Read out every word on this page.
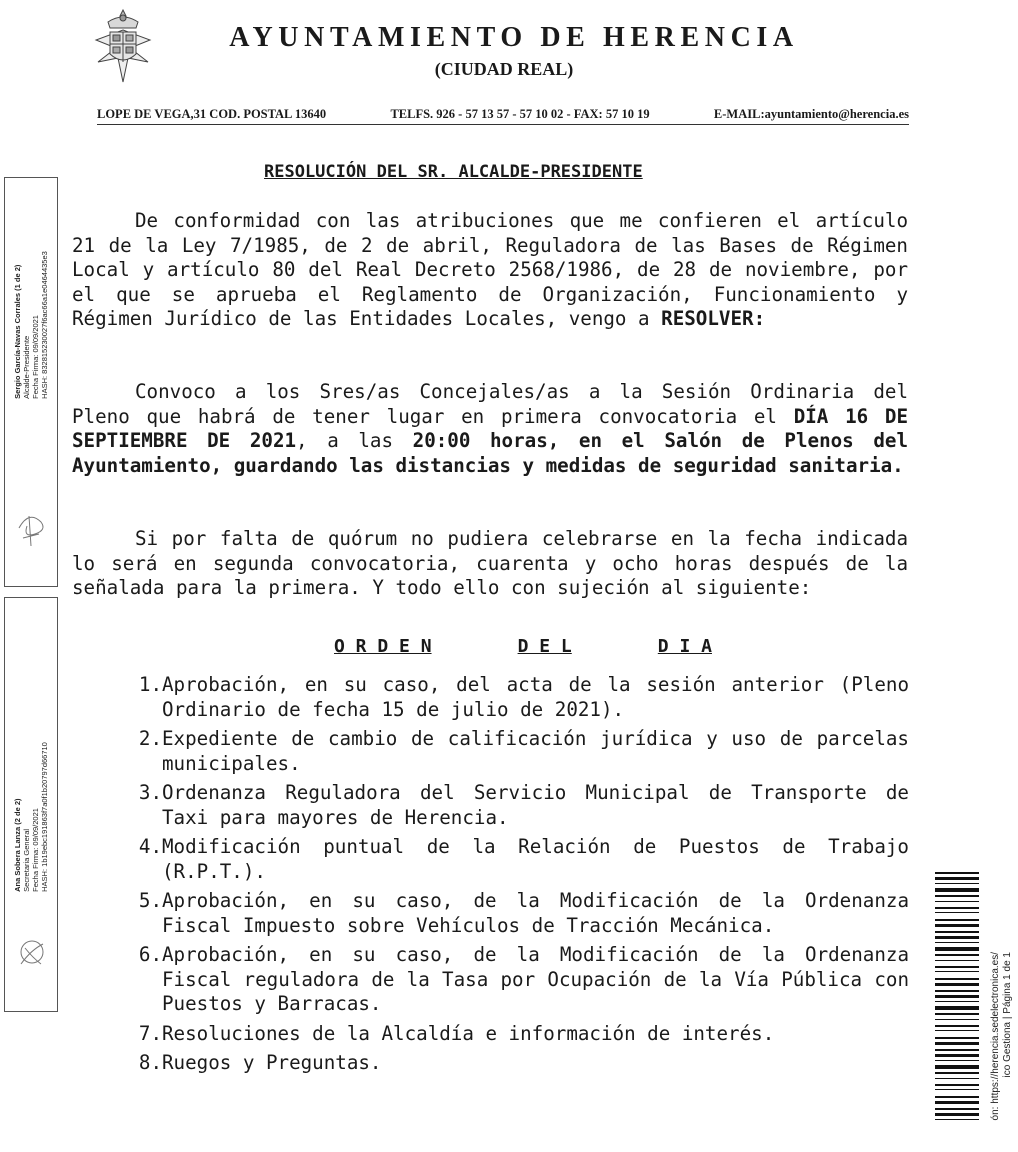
AYUNTAMIENTO DE HERENCIA
(CIUDAD REAL)
LOPE DE VEGA,31 COD. POSTAL 13640	TELFS. 926 - 57 13 57 - 57 10 02 - FAX: 57 10 19	E-MAIL:ayuntamiento@herencia.es
RESOLUCIÓN DEL SR. ALCALDE-PRESIDENTE

De conformidad con las atribuciones que me confieren el artículo 21 de la Ley 7/1985, de 2 de abril, Reguladora de las Bases de Régimen Local y artículo 80 del Real Decreto 2568/1986, de 28 de noviembre, por el que se aprueba el Reglamento de Organización, Funcionamiento y Régimen Jurídico de las Entidades Locales, vengo a RESOLVER:

Convoco a los Sres/as Concejales/as a la Sesión Ordinaria del Pleno que habrá de tener lugar en primera convocatoria el DÍA 16 DE SEPTIEMBRE DE 2021, a las 20:00 horas, en el Salón de Plenos del Ayuntamiento, guardando las distancias y medidas de seguridad sanitaria.

Si por falta de quórum no pudiera celebrarse en la fecha indicada lo será en segunda convocatoria, cuarenta y ocho horas después de la señalada para la primera. Y todo ello con sujeción al siguiente:

O R D E N	D E L	D I A
1. Aprobación, en su caso, del acta de la sesión anterior (Pleno Ordinario de fecha 15 de julio de 2021).
2. Expediente de cambio de calificación jurídica y uso de parcelas municipales.
3. Ordenanza Reguladora del Servicio Municipal de Transporte de Taxi para mayores de Herencia.
4. Modificación puntual de la Relación de Puestos de Trabajo (R.P.T.).
5. Aprobación, en su caso, de la Modificación de la Ordenanza Fiscal Impuesto sobre Vehículos de Tracción Mecánica.
6. Aprobación, en su caso, de la Modificación de la Ordenanza Fiscal reguladora de la Tasa por Ocupación de la Vía Pública con Puestos y Barracas.
7. Resoluciones de la Alcaldía e información de interés.
8. Ruegos y Preguntas.
Sergio García-Navas Corrales (1 de 2) Alcalde-Presidente Fecha Firma: 09/09/2021 HASH: 832815230027f6ac66a1e0464435e3
Ana Sobera Lanza (2 de 2) Secretaria General Fecha Firma: 09/09/2021 HASH: 1b19ebc191863f7a0f1b20797d66710
ón: https://herencia.sedelectronica.es/ ico Gestiona | Página 1 de 1
